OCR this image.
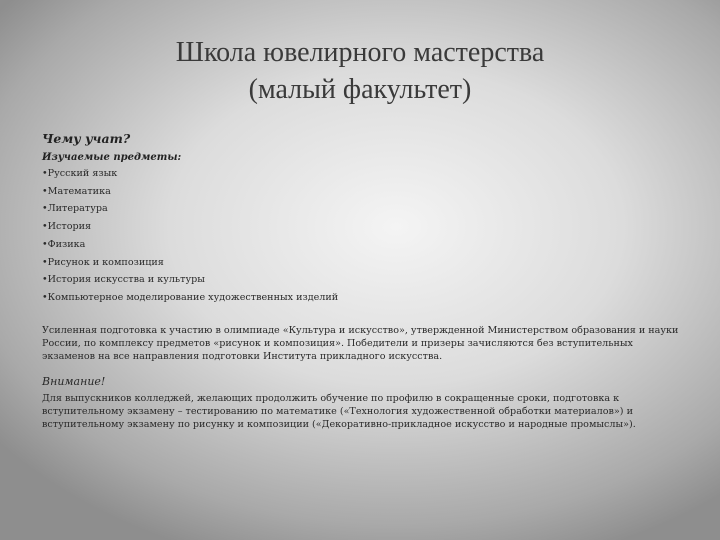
Школа ювелирного мастерства
(малый факультет)

Чему учат?

Изучаемые предметы:

•Русский язык
•Математика
•Литература
•История
•Физика
•Рисунок и композиция
•История искусства и культуры
•Компьютерное моделирование художественных изделий

Усиленная подготовка к участию в олимпиаде «Культура и искусство», утвержденной Министерством образования и науки России, по комплексу предметов «рисунок и композиция». Победители и призеры зачисляются без вступительных экзаменов на все направления подготовки Института прикладного искусства.

Внимание!

Для выпускников колледжей, желающих продолжить обучение по профилю в сокращенные сроки, подготовка к вступительному экзамену – тестированию по математике («Технология художественной обработки материалов») и вступительному экзамену по рисунку и композиции («Декоративно-прикладное искусство и народные промыслы»).
